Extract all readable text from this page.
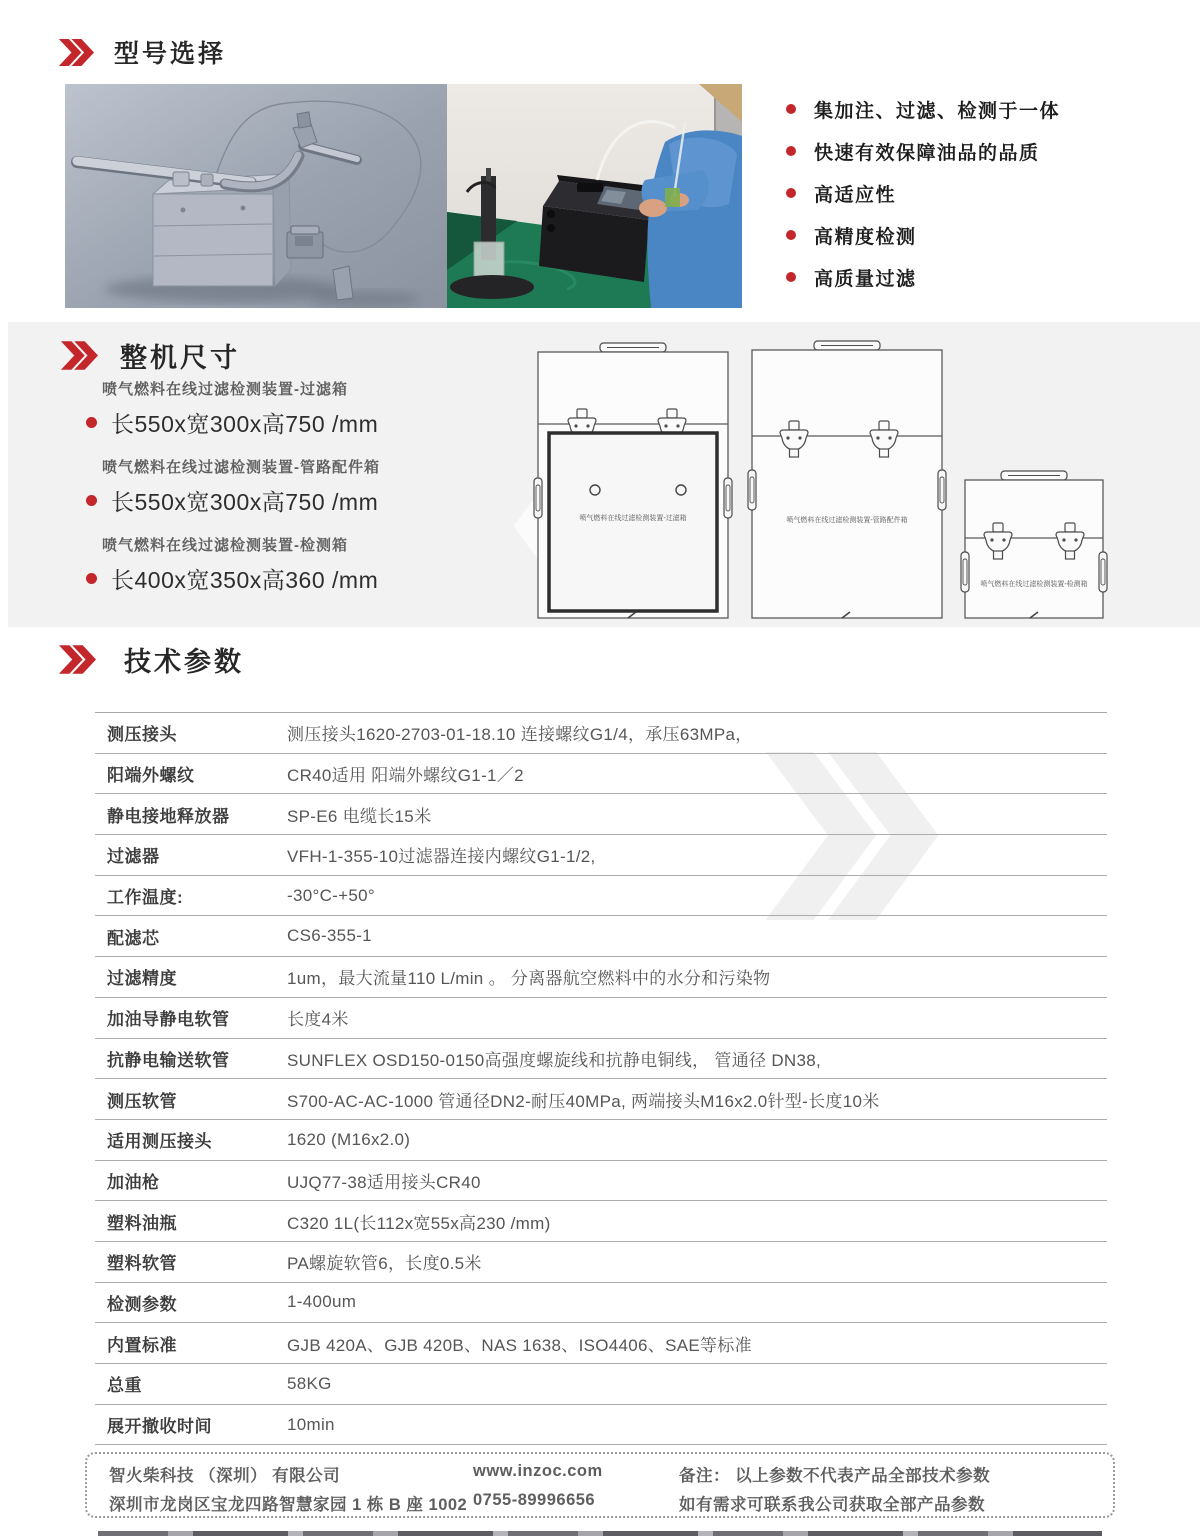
型号选择
集加注、过滤、检测于一体
快速有效保障油品的品质
高适应性
高精度检测
高质量过滤
整机尺寸
喷气燃料在线过滤检测装置-过滤箱
长550x宽300x高750 /mm
喷气燃料在线过滤检测装置-管路配件箱
长550x宽300x高750 /mm
喷气燃料在线过滤检测装置-检测箱
长400x宽350x高360 /mm
喷气燃料在线过滤检测装置-过滤箱	喷气燃料在线过滤检测装置-管路配件箱
喷气燃料在线过滤检测装置-检测箱
技术参数
测压接头	测压接头1620-2703-01-18.10 连接螺纹G1/4，承压63MPa，
阳端外螺纹	CR40适用 阳端外螺纹G1-1／2
静电接地释放器	SP-E6 电缆长15米
过滤器	VFH-1-355-10过滤器连接内螺纹G1-1/2,
工作温度:	-30°C-+50°
配滤芯	CS6-355-1
过滤精度	1um，最大流量110 L/min 。 分离器航空燃料中的水分和污染物
加油导静电软管	长度4米
抗静电输送软管	SUNFLEX OSD150-0150高强度螺旋线和抗静电铜线， 管通径 DN38,
测压软管	S700-AC-AC-1000 管通径DN2-耐压40MPa, 两端接头M16x2.0针型-长度10米
适用测压接头	1620 (M16x2.0)
加油枪	UJQ77-38适用接头CR40
塑料油瓶	C320 1L(长112x宽55x高230 /mm)
塑料软管	PA螺旋软管6，长度0.5米
检测参数	1-400um
内置标准	GJB 420A、GJB 420B、NAS 1638、ISO4406、SAE等标准
总重	58KG
展开撤收时间	10min
智火柴科技 （深圳） 有限公司
深圳市龙岗区宝龙四路智慧家园 1 栋 B 座 1002
www.inzoc.com
0755-89996656
备注： 以上参数不代表产品全部技术参数
如有需求可联系我公司获取全部产品参数
